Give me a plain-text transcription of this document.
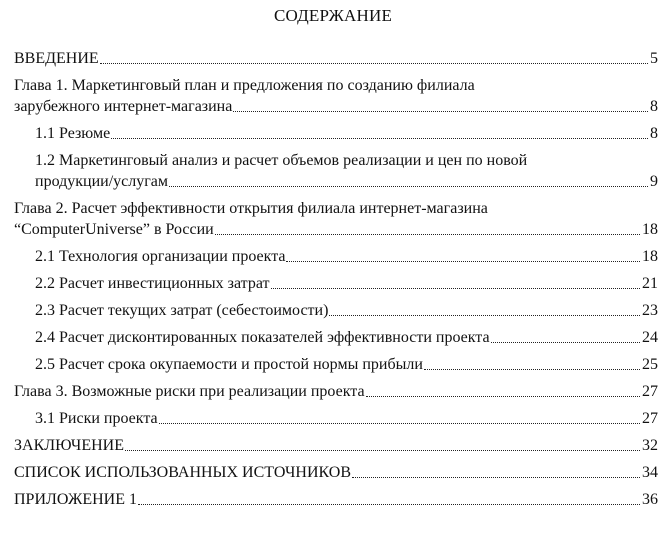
СОДЕРЖАНИЕ
ВВЕДЕНИЕ	5
Глава 1. Маркетинговый план и предложения по созданию филиала
зарубежного интернет-магазина	8
1.1 Резюме	8
1.2 Маркетинговый анализ и расчет объемов реализации и цен по новой
продукции/услугам	9
Глава 2. Расчет эффективности открытия филиала интернет-магазина
“ComputerUniverse” в России	18
2.1 Технология организации проекта	18
2.2 Расчет инвестиционных затрат	21
2.3 Расчет текущих затрат (себестоимости)	23
2.4 Расчет дисконтированных показателей эффективности проекта	24
2.5 Расчет срока окупаемости и простой нормы прибыли	25
Глава 3. Возможные риски при реализации проекта	27
3.1 Риски проекта	27
ЗАКЛЮЧЕНИЕ	32
СПИСОК ИСПОЛЬЗОВАННЫХ ИСТОЧНИКОВ	34
ПРИЛОЖЕНИЕ 1	36
